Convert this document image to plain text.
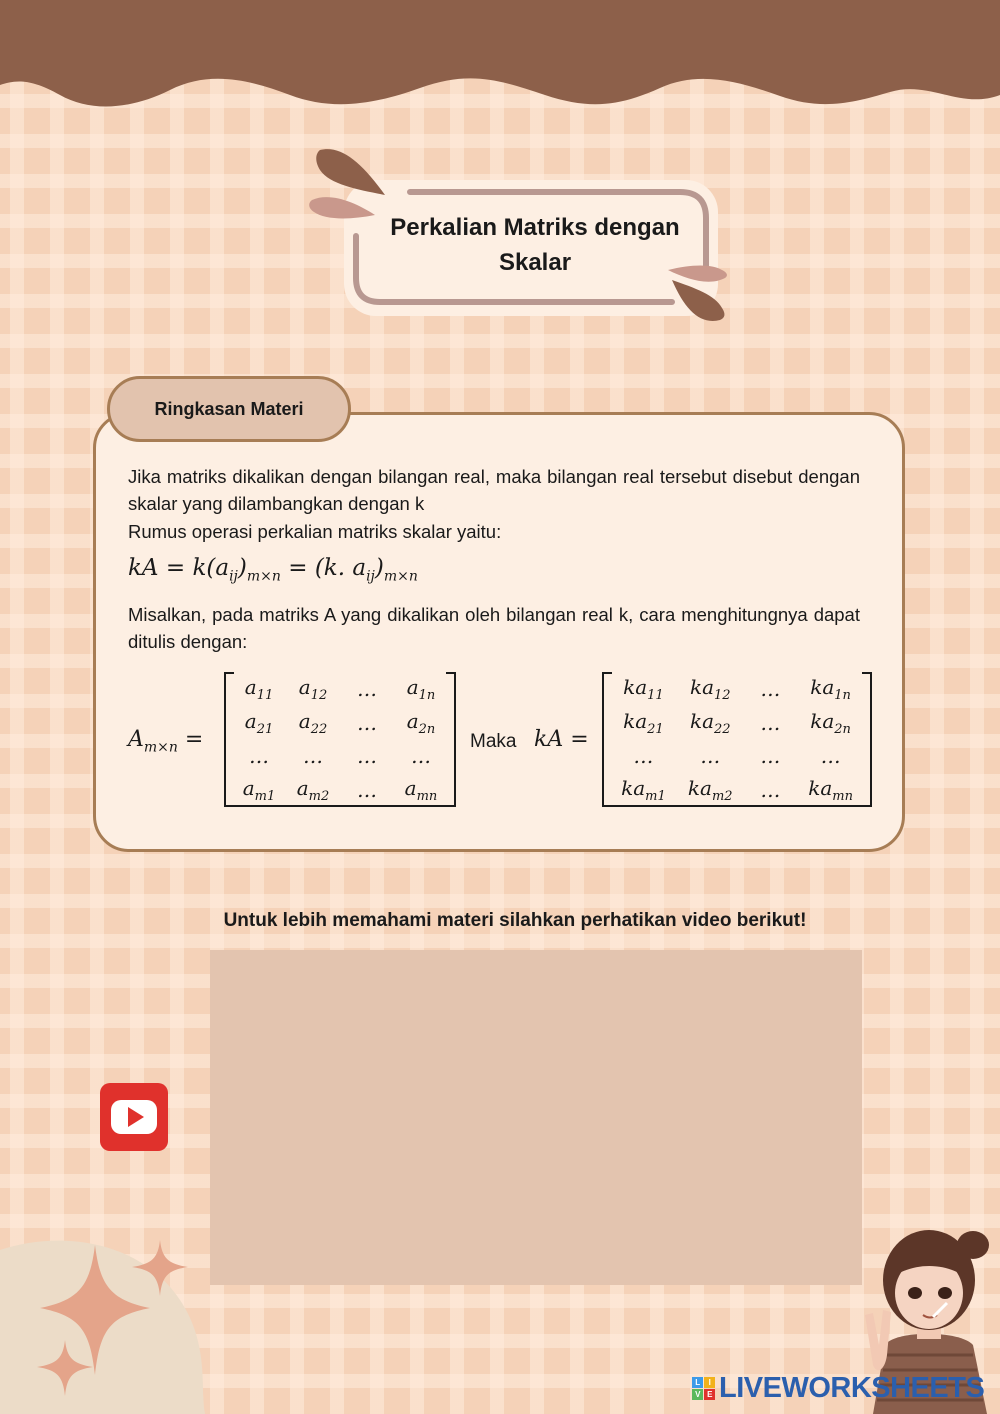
Perkalian Matriks dengan Skalar
Ringkasan Materi

Jika matriks dikalikan dengan bilangan real, maka bilangan real tersebut disebut dengan skalar yang dilambangkan dengan k

Rumus operasi perkalian matriks skalar yaitu:

kA = $k(a_{ij})_{m\times n} = (k$. $a_{ij})_{m\times n}$

Misalkan, pada matriks A yang dikalikan oleh bilangan real k, cara menghitungnya dapat ditulis dengan:

$A_{m\times n}$ =
$a_{11}$	$a_{12}$	…	$a_{1n}$
$a_{21}$	$a_{22}$	…	$a_{2n}$
…	…	…	…
$a_{m1}$	$a_{m2}$	…	$a_{mn}$
Maka kA =
$ka_{11}$	$ka_{12}$	…	$ka_{1n}$
$ka_{21}$	$ka_{22}$	…	$ka_{2n}$
…	…	…	…
$ka_{m1}$	$ka_{m2}$	…	$ka_{mn}$
Untuk lebih memahami materi silahkan perhatikan video berikut!
L	I
V E LIVEWORKSHEETS
